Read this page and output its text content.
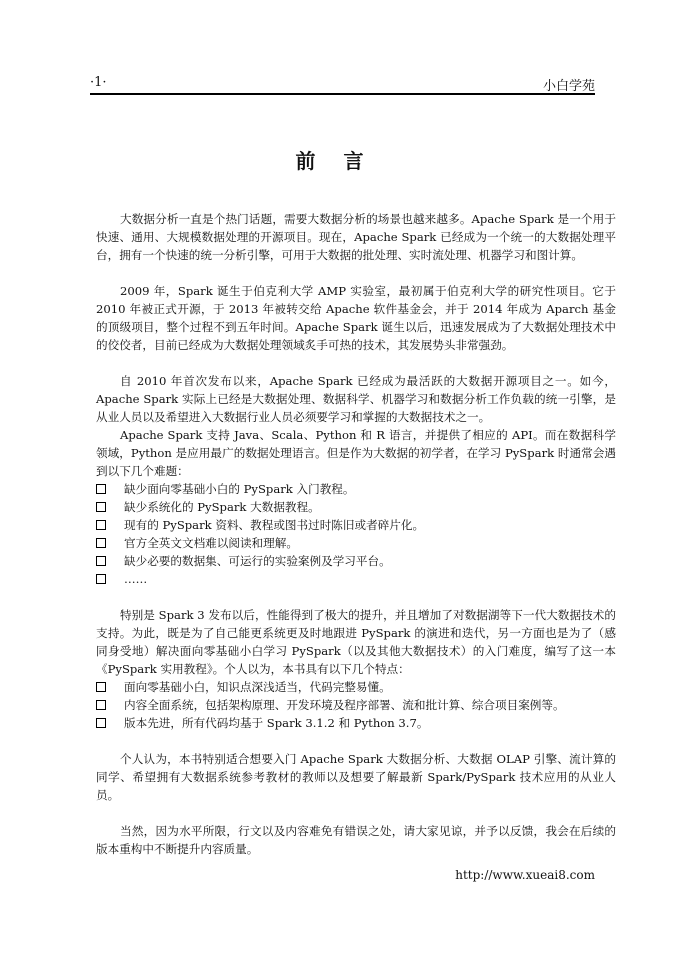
·1·	小白学苑
前言

大数据分析一直是个热门话题，需要大数据分析的场景也越来越多。Apache Spark 是一个用于快速、通用、大规模数据处理的开源项目。现在，Apache Spark 已经成为一个统一的大数据处理平台，拥有一个快速的统一分析引擎，可用于大数据的批处理、实时流处理、机器学习和图计算。

2009 年，Spark 诞生于伯克利大学 AMP 实验室，最初属于伯克利大学的研究性项目。它于 2010 年被正式开源，于 2013 年被转交给 Apache 软件基金会，并于 2014 年成为 Aparch 基金的顶级项目，整个过程不到五年时间。Apache Spark 诞生以后，迅速发展成为了大数据处理技术中的佼佼者，目前已经成为大数据处理领域炙手可热的技术，其发展势头非常强劲。

自 2010 年首次发布以来，Apache Spark 已经成为最活跃的大数据开源项目之一。如今，Apache Spark 实际上已经是大数据处理、数据科学、机器学习和数据分析工作负载的统一引擎，是从业人员以及希望进入大数据行业人员必须要学习和掌握的大数据技术之一。

Apache Spark 支持 Java、Scala、Python 和 R 语言，并提供了相应的 API。而在数据科学领域，Python 是应用最广的数据处理语言。但是作为大数据的初学者，在学习 PySpark 时通常会遇到以下几个难题：

缺少面向零基础小白的 PySpark 入门教程。
缺少系统化的 PySpark 大数据教程。
现有的 PySpark 资料、教程或图书过时陈旧或者碎片化。
官方全英文文档难以阅读和理解。
缺少必要的数据集、可运行的实验案例及学习平台。
……

特别是 Spark 3 发布以后，性能得到了极大的提升，并且增加了对数据湖等下一代大数据技术的支持。为此，既是为了自己能更系统更及时地跟进 PySpark 的演进和迭代，另一方面也是为了（感同身受地）解决面向零基础小白学习 PySpark（以及其他大数据技术）的入门难度，编写了这一本《PySpark 实用教程》。个人以为，本书具有以下几个特点：

面向零基础小白，知识点深浅适当，代码完整易懂。
内容全面系统，包括架构原理、开发环境及程序部署、流和批计算、综合项目案例等。
版本先进，所有代码均基于 Spark 3.1.2 和 Python 3.7。

个人认为，本书特别适合想要入门 Apache Spark 大数据分析、大数据 OLAP 引擎、流计算的同学、希望拥有大数据系统参考教材的教师以及想要了解最新 Spark/PySpark 技术应用的从业人员。

当然，因为水平所限，行文以及内容难免有错误之处，请大家见谅，并予以反馈，我会在后续的版本重构中不断提升内容质量。

http://www.xueai8.com
